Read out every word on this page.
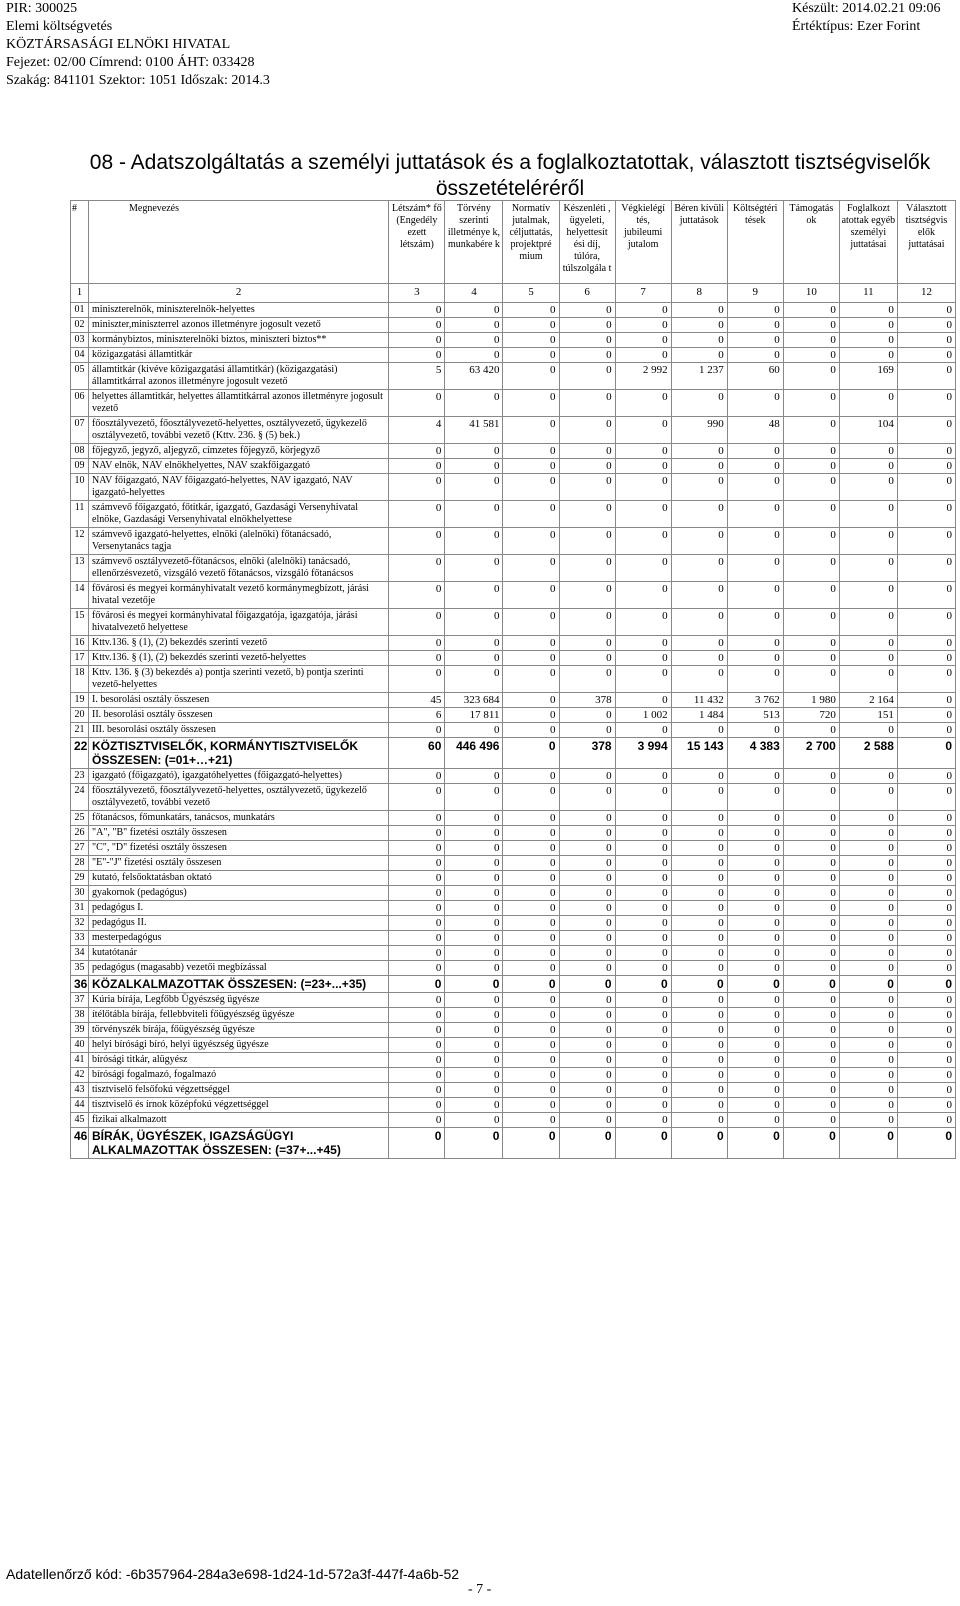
PIR: 300025
Elemi költségvetés
KÖZTÁRSASÁGI ELNÖKI HIVATAL
Fejezet: 02/00 Címrend: 0100 ÁHT: 033428
Szakág: 841101 Szektor: 1051 Időszak: 2014.3
Készült: 2014.02.21 09:06
Értéktípus: Ezer Forint
08 - Adatszolgáltatás a személyi juttatások és a foglalkoztatottak, választott tisztségviselők
összetételéréről
#	Megnevezés	Létszám* fő (Engedély ezett létszám)	Törvény szerinti illetménye k, munkabére k	Normatív jutalmak, céljuttatás, projektpré mium	Készenléti , ügyeleti, helyettesít ési díj, túlóra, túlszolgála t	Végkielégí tés, jubileumi jutalom	Béren kívüli juttatások	Költségtéri tések	Támogatás ok	Foglalkozt atottak egyéb személyi juttatásai	Választott tisztségvis elők juttatásai
1	2	3	4	5	6	7	8	9	10	11	12
01	miniszterelnök, miniszterelnök-helyettes	0	0	0	0	0	0	0	0	0	0
02	miniszter,miniszterrel azonos illetményre jogosult vezető	0	0	0	0	0	0	0	0	0	0
03	kormánybiztos, miniszterelnöki biztos, miniszteri biztos**	0	0	0	0	0	0	0	0	0	0
04	közigazgatási államtitkár	0	0	0	0	0	0	0	0	0	0
05	államtitkár (kivéve közigazgatási államtitkár) (közigazgatási) államtitkárral azonos illetményre jogosult vezető	5	63 420	0	0	2 992	1 237	60	0	169	0
06	helyettes államtitkár, helyettes államtitkárral azonos illetményre jogosult vezető	0	0	0	0	0	0	0	0	0	0
07	főosztályvezető, főosztályvezető-helyettes, osztályvezető, ügykezelő osztályvezető, további vezető (Kttv. 236. § (5) bek.)	4	41 581	0	0	0	990	48	0	104	0
08	főjegyző, jegyző, aljegyző, címzetes főjegyző, körjegyző	0	0	0	0	0	0	0	0	0	0
09	NAV elnök, NAV elnökhelyettes, NAV szakfőigazgató	0	0	0	0	0	0	0	0	0	0
10	NAV főigazgató, NAV főigazgató-helyettes, NAV igazgató, NAV igazgató-helyettes	0	0	0	0	0	0	0	0	0	0
11	számvevő főigazgató, főtitkár, igazgató, Gazdasági Versenyhivatal elnöke, Gazdasági Versenyhivatal elnökhelyettese	0	0	0	0	0	0	0	0	0	0
12	számvevő igazgató-helyettes, elnöki (alelnöki) főtanácsadó, Versenytanács tagja	0	0	0	0	0	0	0	0	0	0
13	számvevő osztályvezető-főtanácsos, elnöki (alelnöki) tanácsadó, ellenőrzésvezető, vizsgáló vezető főtanácsos, vizsgáló főtanácsos	0	0	0	0	0	0	0	0	0	0
14	fővárosi és megyei kormányhivatalt vezető kormánymegbízott, járási hivatal vezetője	0	0	0	0	0	0	0	0	0	0
15	fővárosi és megyei kormányhivatal főigazgatója, igazgatója, járási hivatalvezető helyettese	0	0	0	0	0	0	0	0	0	0
16	Kttv.136. § (1), (2) bekezdés szerinti vezető	0	0	0	0	0	0	0	0	0	0
17	Kttv.136. § (1), (2) bekezdés szerinti vezető-helyettes	0	0	0	0	0	0	0	0	0	0
18	Kttv. 136. § (3) bekezdés a) pontja szerinti vezető, b) pontja szerinti vezető-helyettes	0	0	0	0	0	0	0	0	0	0
19	I. besorolási osztály összesen	45	323 684	0	378	0	11 432	3 762	1 980	2 164	0
20	II. besorolási osztály összesen	6	17 811	0	0	1 002	1 484	513	720	151	0
21	III. besorolási osztály összesen	0	0	0	0	0	0	0	0	0	0
22	KÖZTISZTVISELŐK, KORMÁNYTISZTVISELŐK ÖSSZESEN: (=01+…+21)	60	446 496	0	378	3 994	15 143	4 383	2 700	2 588	0
23	igazgató (főigazgató), igazgatóhelyettes (főigazgató-helyettes)	0	0	0	0	0	0	0	0	0	0
24	főosztályvezető, főosztályvezető-helyettes, osztályvezető, ügykezelő osztályvezető, további vezető	0	0	0	0	0	0	0	0	0	0
25	főtanácsos, főmunkatárs, tanácsos, munkatárs	0	0	0	0	0	0	0	0	0	0
26	"A", "B" fizetési osztály összesen	0	0	0	0	0	0	0	0	0	0
27	"C", "D" fizetési osztály összesen	0	0	0	0	0	0	0	0	0	0
28	"E"-"J" fizetési osztály összesen	0	0	0	0	0	0	0	0	0	0
29	kutató, felsőoktatásban oktató	0	0	0	0	0	0	0	0	0	0
30	gyakornok (pedagógus)	0	0	0	0	0	0	0	0	0	0
31	pedagógus I.	0	0	0	0	0	0	0	0	0	0
32	pedagógus II.	0	0	0	0	0	0	0	0	0	0
33	mesterpedagógus	0	0	0	0	0	0	0	0	0	0
34	kutatótanár	0	0	0	0	0	0	0	0	0	0
35	pedagógus (magasabb) vezetői megbízással	0	0	0	0	0	0	0	0	0	0
36	KÖZALKALMAZOTTAK ÖSSZESEN: (=23+...+35)	0	0	0	0	0	0	0	0	0	0
37	Kúria bírája, Legfőbb Ügyészség ügyésze	0	0	0	0	0	0	0	0	0	0
38	ítélőtábla bírája, fellebbviteli főügyészség ügyésze	0	0	0	0	0	0	0	0	0	0
39	törvényszék bírája, főügyészség ügyésze	0	0	0	0	0	0	0	0	0	0
40	helyi bírósági bíró, helyi ügyészség ügyésze	0	0	0	0	0	0	0	0	0	0
41	bírósági titkár, alügyész	0	0	0	0	0	0	0	0	0	0
42	bírósági fogalmazó, fogalmazó	0	0	0	0	0	0	0	0	0	0
43	tisztviselő felsőfokú végzettséggel	0	0	0	0	0	0	0	0	0	0
44	tisztviselő és írnok középfokú végzettséggel	0	0	0	0	0	0	0	0	0	0
45	fizikai alkalmazott	0	0	0	0	0	0	0	0	0	0
46	BÍRÁK, ÜGYÉSZEK, IGAZSÁGÜGYI ALKALMAZOTTAK ÖSSZESEN: (=37+...+45)	0	0	0	0	0	0	0	0	0	0
Adatellenőrző kód: -6b357964-284a3e698-1d24-1d-572a3f-447f-4a6b-52
- 7 -
